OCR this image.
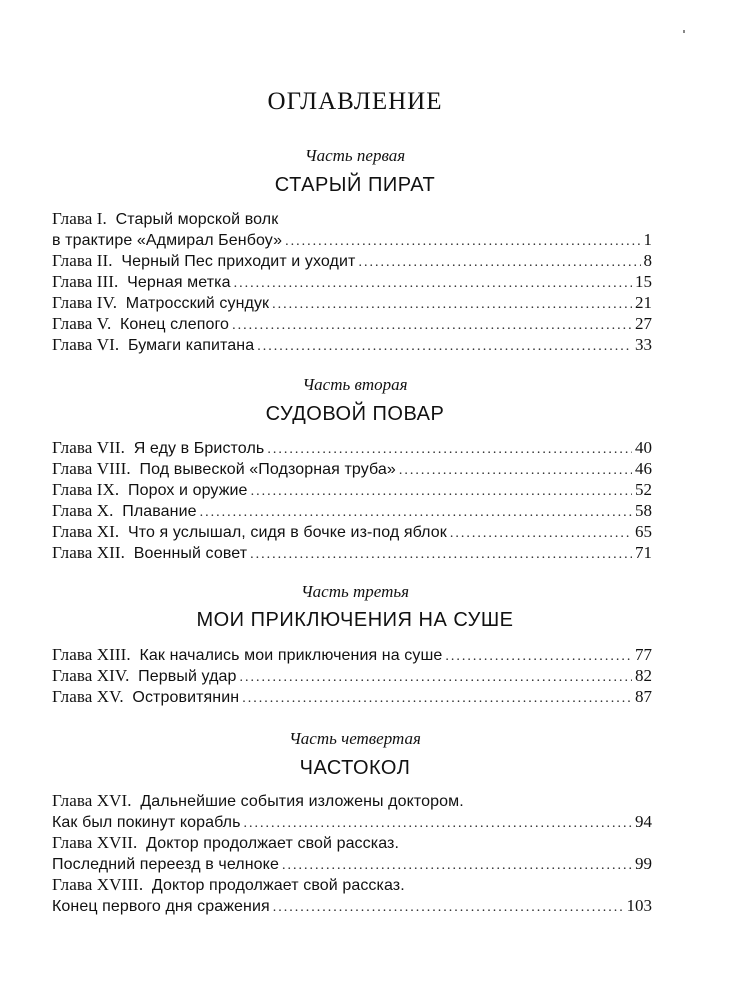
ОГЛАВЛЕНИЕ
Часть первая
СТАРЫЙ ПИРАТ
Глава I. Старый морской волк
в трактире «Адмирал Бенбоу» .....	1
Глава II. Черный Пес приходит и уходит .....	8
Глава III. Черная метка .....	15
Глава IV. Матросский сундук .....	21
Глава V. Конец слепого .....	27
Глава VI. Бумаги капитана .....	33
Часть вторая
СУДОВОЙ ПОВАР
Глава VII. Я еду в Бристоль .....	40
Глава VIII. Под вывеской «Подзорная труба» .....	46
Глава IX. Порох и оружие .....	52
Глава X. Плавание .....	58
Глава XI. Что я услышал, сидя в бочке из-под яблок .....	65
Глава XII. Военный совет .....	71
Часть третья
МОИ ПРИКЛЮЧЕНИЯ НА СУШЕ
Глава XIII. Как начались мои приключения на суше .....	77
Глава XIV. Первый удар .....	82
Глава XV. Островитянин .....	87
Часть четвертая
ЧАСТОКОЛ
Глава XVI. Дальнейшие события изложены доктором.
Как был покинут корабль .....	94
Глава XVII. Доктор продолжает свой рассказ.
Последний переезд в челноке .....	99
Глава XVIII. Доктор продолжает свой рассказ.
Конец первого дня сражения .....	103
